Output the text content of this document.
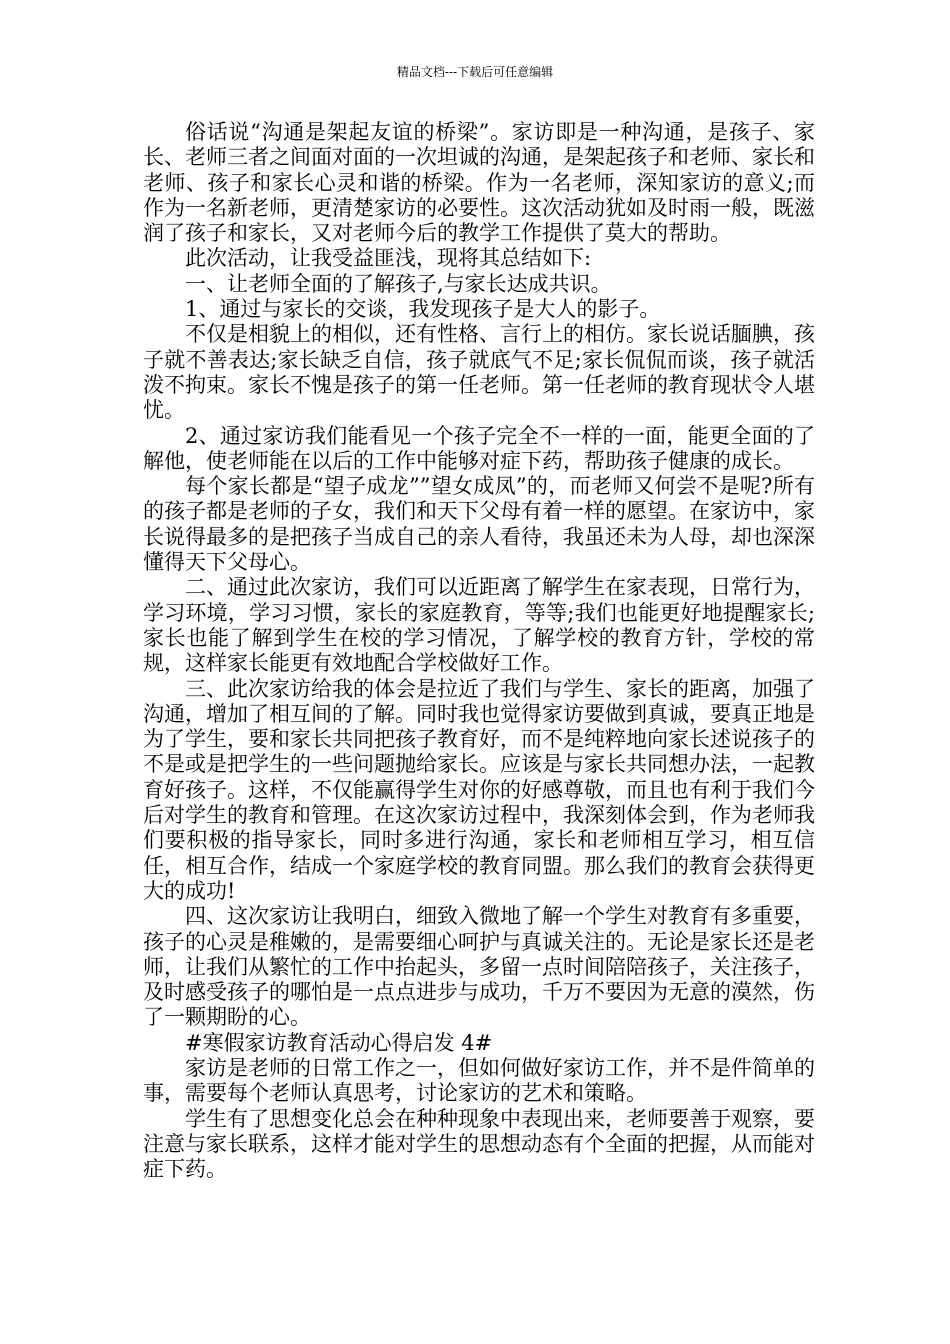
精品文档---下载后可任意编辑

俗话说“沟通是架起友谊的桥梁”。家访即是一种沟通，是孩子、家长、老师三者之间面对面的一次坦诚的沟通，是架起孩子和老师、家长和老师、孩子和家长心灵和谐的桥梁。作为一名老师，深知家访的意义;而作为一名新老师，更清楚家访的必要性。这次活动犹如及时雨一般，既滋润了孩子和家长，又对老师今后的教学工作提供了莫大的帮助。

此次活动，让我受益匪浅，现将其总结如下:

一、让老师全面的了解孩子,与家长达成共识。

1、通过与家长的交谈，我发现孩子是大人的影子。

不仅是相貌上的相似，还有性格、言行上的相仿。家长说话腼腆，孩子就不善表达;家长缺乏自信，孩子就底气不足;家长侃侃而谈，孩子就活泼不拘束。家长不愧是孩子的第一任老师。第一任老师的教育现状令人堪忧。

2、通过家访我们能看见一个孩子完全不一样的一面，能更全面的了解他，使老师能在以后的工作中能够对症下药，帮助孩子健康的成长。

每个家长都是“望子成龙””望女成凤”的，而老师又何尝不是呢?所有的孩子都是老师的子女，我们和天下父母有着一样的愿望。在家访中，家长说得最多的是把孩子当成自己的亲人看待，我虽还未为人母，却也深深懂得天下父母心。

二、通过此次家访，我们可以近距离了解学生在家表现，日常行为，学习环境，学习习惯，家长的家庭教育，等等;我们也能更好地提醒家长;家长也能了解到学生在校的学习情况，了解学校的教育方针，学校的常规，这样家长能更有效地配合学校做好工作。

三、此次家访给我的体会是拉近了我们与学生、家长的距离，加强了沟通，增加了相互间的了解。同时我也觉得家访要做到真诚，要真正地是为了学生，要和家长共同把孩子教育好，而不是纯粹地向家长述说孩子的不是或是把学生的一些问题抛给家长。应该是与家长共同想办法，一起教育好孩子。这样，不仅能赢得学生对你的好感尊敬，而且也有利于我们今后对学生的教育和管理。在这次家访过程中，我深刻体会到，作为老师我们要积极的指导家长，同时多进行沟通，家长和老师相互学习，相互信任，相互合作，结成一个家庭学校的教育同盟。那么我们的教育会获得更大的成功!

四、这次家访让我明白，细致入微地了解一个学生对教育有多重要，孩子的心灵是稚嫩的，是需要细心呵护与真诚关注的。无论是家长还是老师，让我们从繁忙的工作中抬起头，多留一点时间陪陪孩子，关注孩子，及时感受孩子的哪怕是一点点进步与成功，千万不要因为无意的漠然，伤了一颗期盼的心。

#寒假家访教育活动心得启发 4#

家访是老师的日常工作之一，但如何做好家访工作，并不是件简单的事，需要每个老师认真思考，讨论家访的艺术和策略。

学生有了思想变化总会在种种现象中表现出来，老师要善于观察，要注意与家长联系，这样才能对学生的思想动态有个全面的把握，从而能对症下药。
